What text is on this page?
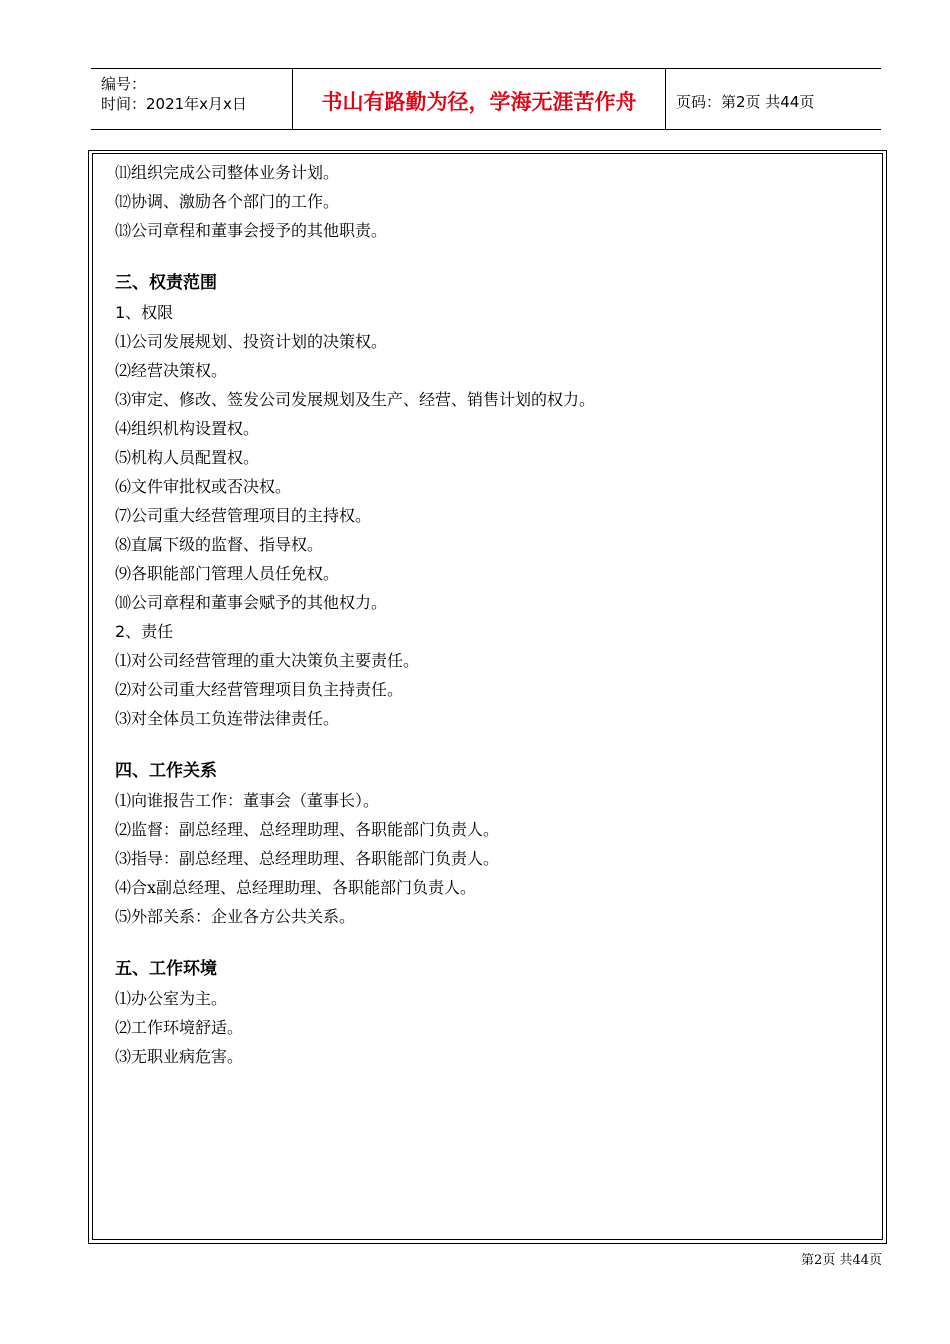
编号：
时间：2021年x月x日	书山有路勤为径，学海无涯苦作舟	页码：第2页 共44页
⑾组织完成公司整体业务计划。
⑿协调、激励各个部门的工作。
⒀公司章程和董事会授予的其他职责。
三、权责范围
1、权限
⑴公司发展规划、投资计划的决策权。
⑵经营决策权。
⑶审定、修改、签发公司发展规划及生产、经营、销售计划的权力。
⑷组织机构设置权。
⑸机构人员配置权。
⑹文件审批权或否决权。
⑺公司重大经营管理项目的主持权。
⑻直属下级的监督、指导权。
⑼各职能部门管理人员任免权。
⑽公司章程和董事会赋予的其他权力。
2、责任
⑴对公司经营管理的重大决策负主要责任。
⑵对公司重大经营管理项目负主持责任。
⑶对全体员工负连带法律责任。
四、工作关系
⑴向谁报告工作：董事会（董事长）。
⑵监督：副总经理、总经理助理、各职能部门负责人。
⑶指导：副总经理、总经理助理、各职能部门负责人。
⑷合x副总经理、总经理助理、各职能部门负责人。
⑸外部关系：企业各方公共关系。
五、工作环境
⑴办公室为主。
⑵工作环境舒适。
⑶无职业病危害。
第2页 共44页
